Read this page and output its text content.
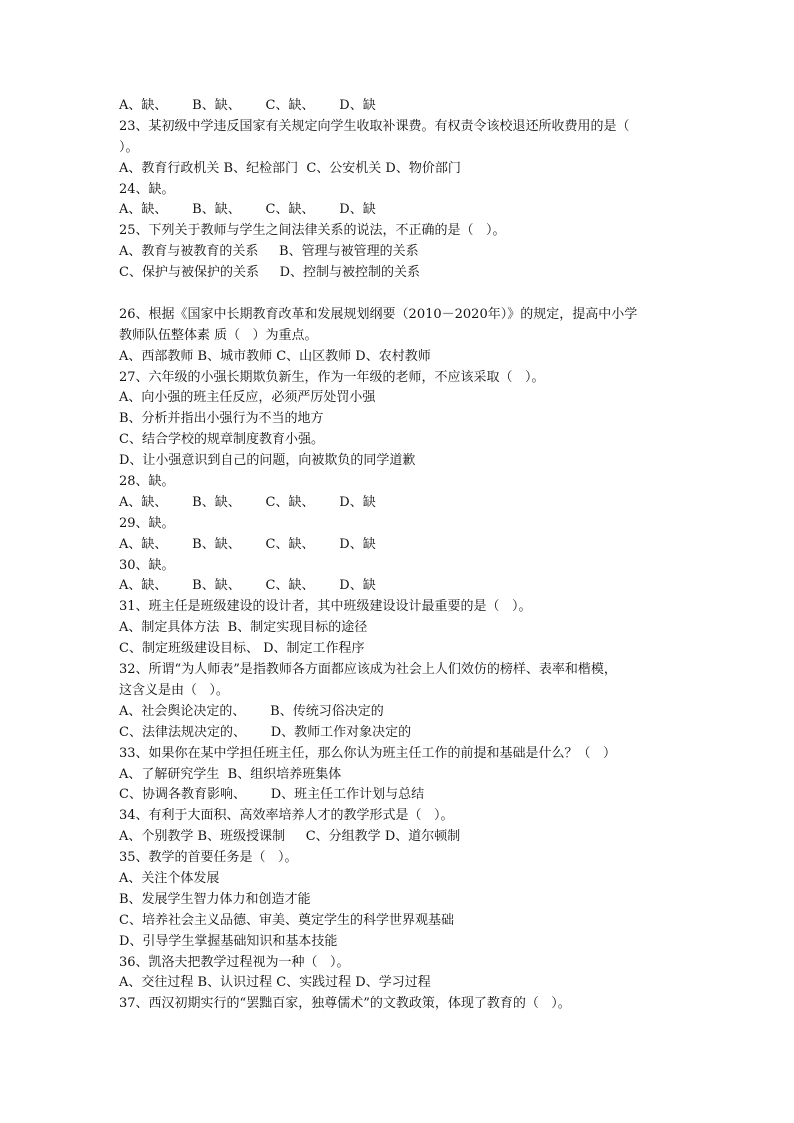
A、缺、      B、缺、      C、缺、      D、缺
23、某初级中学违反国家有关规定向学生收取补课费。有权责令该校退还所收费用的是（
）。
A、教育行政机关 B、纪检部门  C、公安机关 D、物价部门
24、缺。
A、缺、      B、缺、      C、缺、      D、缺
25、下列关于教师与学生之间法律关系的说法，不正确的是（   ）。
A、教育与被教育的关系     B、管理与被管理的关系
C、保护与被保护的关系     D、控制与被控制的关系
26、根据《国家中长期教育改革和发展规划纲要（2010－2020年）》的规定，提高中小学
教师队伍整体素 质（   ）为重点。
A、西部教师 B、城市教师 C、山区教师 D、农村教师
27、六年级的小强长期欺负新生，作为一年级的老师，不应该采取（   ）。
A、向小强的班主任反应，必须严厉处罚小强
B、分析并指出小强行为不当的地方
C、结合学校的规章制度教育小强。
D、让小强意识到自己的问题，向被欺负的同学道歉
28、缺。
A、缺、      B、缺、      C、缺、      D、缺
29、缺。
A、缺、      B、缺、      C、缺、      D、缺
30、缺。
A、缺、      B、缺、      C、缺、      D、缺
31、班主任是班级建设的设计者，其中班级建设设计最重要的是（   ）。
A、制定具体方法  B、制定实现目标的途径
C、制定班级建设目标、 D、制定工作程序
32、所谓“为人师表”是指教师各方面都应该成为社会上人们效仿的榜样、表率和楷模，
这含义是由（   ）。
A、社会舆论决定的、      B、传统习俗决定的
C、法律法规决定的、      D、教师工作对象决定的
33、如果你在某中学担任班主任，那么你认为班主任工作的前提和基础是什么？（   ）
A、了解研究学生  B、组织培养班集体
C、协调各教育影响、      D、班主任工作计划与总结
34、有利于大面积、高效率培养人才的教学形式是（   ）。
A、个别教学 B、班级授课制     C、分组教学 D、道尔顿制
35、教学的首要任务是（   ）。
A、关注个体发展
B、发展学生智力体力和创造才能
C、培养社会主义品德、审美、奠定学生的科学世界观基础
D、引导学生掌握基础知识和基本技能
36、凯洛夫把教学过程视为一种（   ）。
A、交往过程 B、认识过程 C、实践过程 D、学习过程
37、西汉初期实行的“罢黜百家，独尊儒术”的文教政策，体现了教育的（   ）。
